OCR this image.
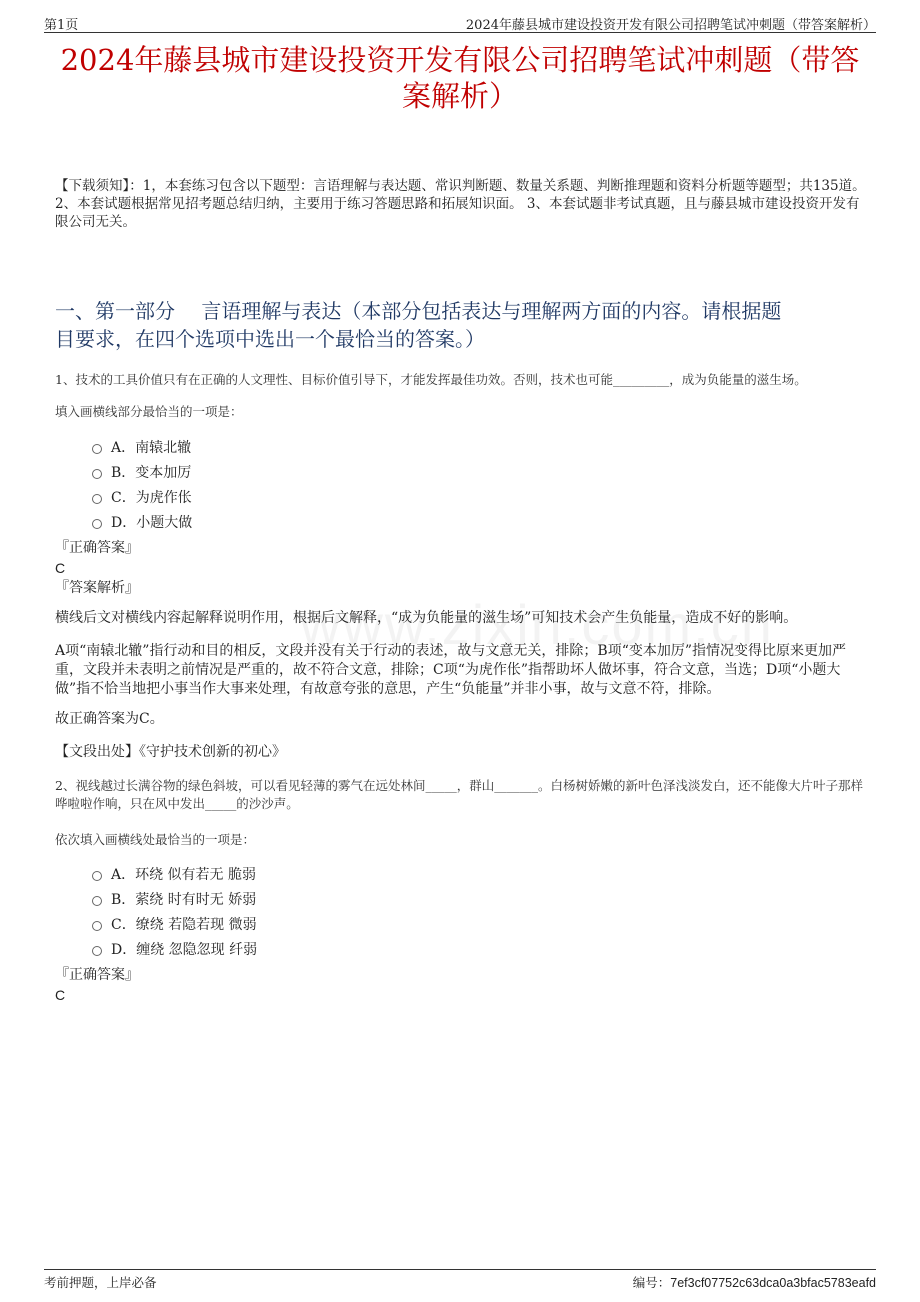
第1页	2024年藤县城市建设投资开发有限公司招聘笔试冲刺题（带答案解析）
2024年藤县城市建设投资开发有限公司招聘笔试冲刺题（带答
案解析）
【下载须知】：1，本套练习包含以下题型：言语理解与表达题、常识判断题、数量关系题、判断推理题和资料分析题等题型；共135道。 2、本套试题根据常见招考题总结归纳，主要用于练习答题思路和拓展知识面。 3、本套试题非考试真题，且与藤县城市建设投资开发有限公司无关。
一、第一部分　 言语理解与表达（本部分包括表达与理解两方面的内容。请根据题
目要求，在四个选项中选出一个最恰当的答案。）
1、技术的工具价值只有在正确的人文理性、目标价值引导下，才能发挥最佳功效。否则，技术也可能_________，成为负能量的滋生场。
填入画横线部分最恰当的一项是：
A．南辕北辙
B．变本加厉
C．为虎作伥
D．小题大做
『正确答案』
C
『答案解析』
横线后文对横线内容起解释说明作用，根据后文解释，“成为负能量的滋生场”可知技术会产生负能量，造成不好的影响。
A项“南辕北辙”指行动和目的相反，文段并没有关于行动的表述，故与文意无关，排除；B项“变本加厉”指情况变得比原来更加严重，文段并未表明之前情况是严重的，故不符合文意，排除；C项“为虎作伥”指帮助坏人做坏事，符合文意，当选；D项“小题大做”指不恰当地把小事当作大事来处理，有故意夸张的意思，产生“负能量”并非小事，故与文意不符，排除。
故正确答案为C。
【文段出处】《守护技术创新的初心》
2、视线越过长满谷物的绿色斜坡，可以看见轻薄的雾气在远处林间_____，群山_______。白杨树娇嫩的新叶色泽浅淡发白，还不能像大片叶子那样哗啦啦作响，只在风中发出_____的沙沙声。
依次填入画横线处最恰当的一项是：
A．环绕 似有若无 脆弱
B．萦绕 时有时无 娇弱
C．缭绕 若隐若现 微弱
D．缠绕 忽隐忽现 纤弱
『正确答案』
C
考前押题，上岸必备	编号：7ef3cf07752c63dca0a3bfac5783eafd
